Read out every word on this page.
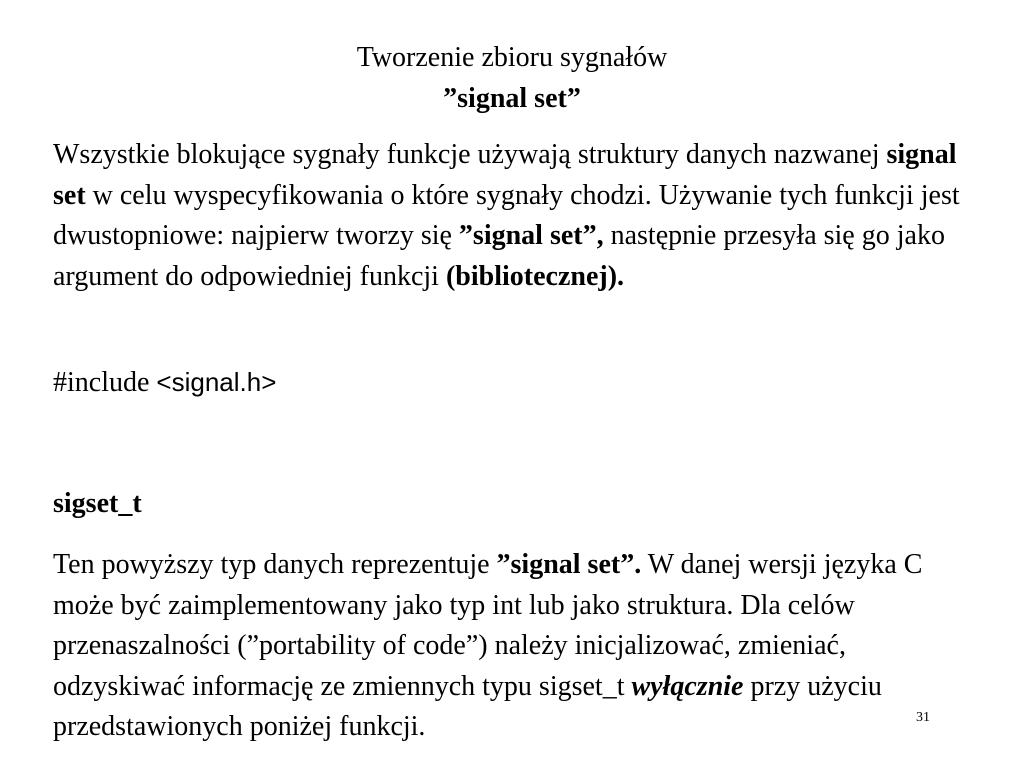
Tworzenie zbioru sygnałów
”signal set”
Wszystkie blokujące sygnały funkcje używają struktury danych nazwanej signal set w celu wyspecyfikowania o które sygnały chodzi. Używanie tych funkcji jest dwustopniowe: najpierw tworzy się ”signal set”, następnie przesyła się go jako argument do odpowiedniej funkcji (bibliotecznej).
#include <signal.h>
sigset_t
Ten powyższy typ danych reprezentuje ”signal set”. W danej wersji języka C może być zaimplementowany jako typ int lub jako struktura. Dla celów przenaszalności (”portability of code”) należy inicjalizować, zmieniać, odzyskiwać informację ze zmiennych typu sigset_t wyłącznie przy użyciu przedstawionych poniżej funkcji.	31
